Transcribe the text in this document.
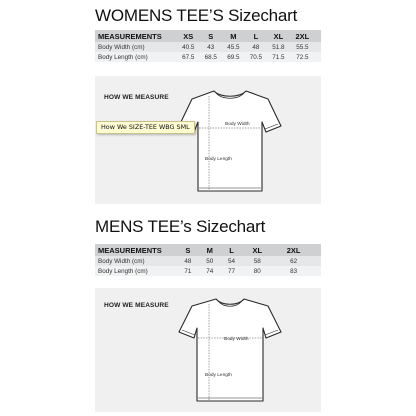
WOMENS TEE’S Sizechart
MEASUREMENTS	XS	S	M	L	XL	2XL	
Body Width (cm)	40.5	43	45.5	48	51.8	55.5	
Body Length (cm)	67.5	68.5	69.5	70.5	71.5	72.5	
HOW WE MEASURE
Body Width
Body Length
How We SIZE-TEE WBG SML
MENS TEE’s Sizechart
MEASUREMENTS	S	M	L	XL	2XL	
Body Width (cm)	48	50	54	58	62	
Body Length (cm)	71	74	77	80	83	
HOW WE MEASURE
Body Width
Body Length
